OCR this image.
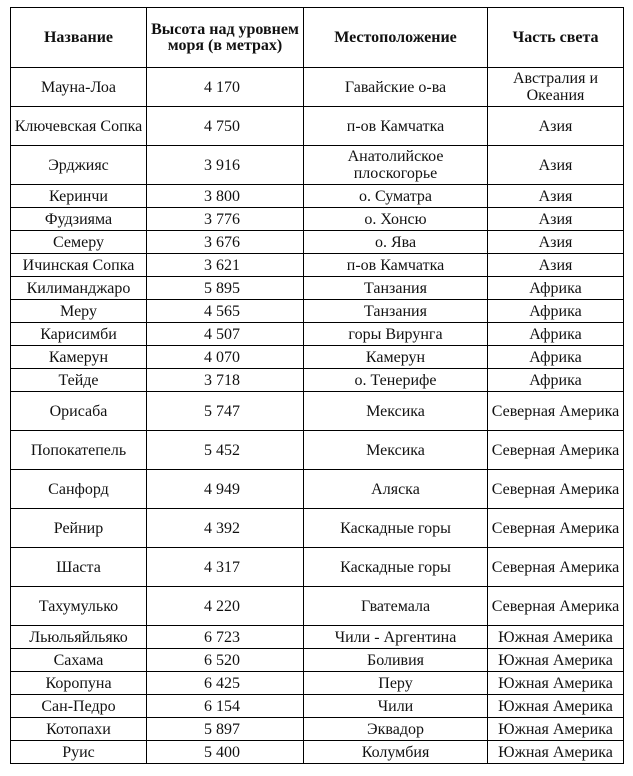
Название	Высота над уровнем моря (в метрах)	Местоположение	Часть света
Мауна-Лоа	4 170	Гавайские о-ва	Австралия и Океания
Ключевская Сопка	4 750	п-ов Камчатка	Азия
Эрджияс	3 916	Анатолийское плоскогорье	Азия
Керинчи	3 800	о. Суматра	Азия
Фудзияма	3 776	о. Хонсю	Азия
Семеру	3 676	о. Ява	Азия
Ичинская Сопка	3 621	п-ов Камчатка	Азия
Килиманджаро	5 895	Танзания	Африка
Меру	4 565	Танзания	Африка
Карисимби	4 507	горы Вирунга	Африка
Камерун	4 070	Камерун	Африка
Тейде	3 718	о. Тенерифе	Африка
Орисаба	5 747	Мексика	Северная Америка
Попокатепель	5 452	Мексика	Северная Америка
Санфорд	4 949	Аляска	Северная Америка
Рейнир	4 392	Каскадные горы	Северная Америка
Шаста	4 317	Каскадные горы	Северная Америка
Тахумулько	4 220	Гватемала	Северная Америка
Льюльяйльяко	6 723	Чили - Аргентина	Южная Америка
Сахама	6 520	Боливия	Южная Америка
Коропуна	6 425	Перу	Южная Америка
Сан-Педро	6 154	Чили	Южная Америка
Котопахи	5 897	Эквадор	Южная Америка
Руис	5 400	Колумбия	Южная Америка
